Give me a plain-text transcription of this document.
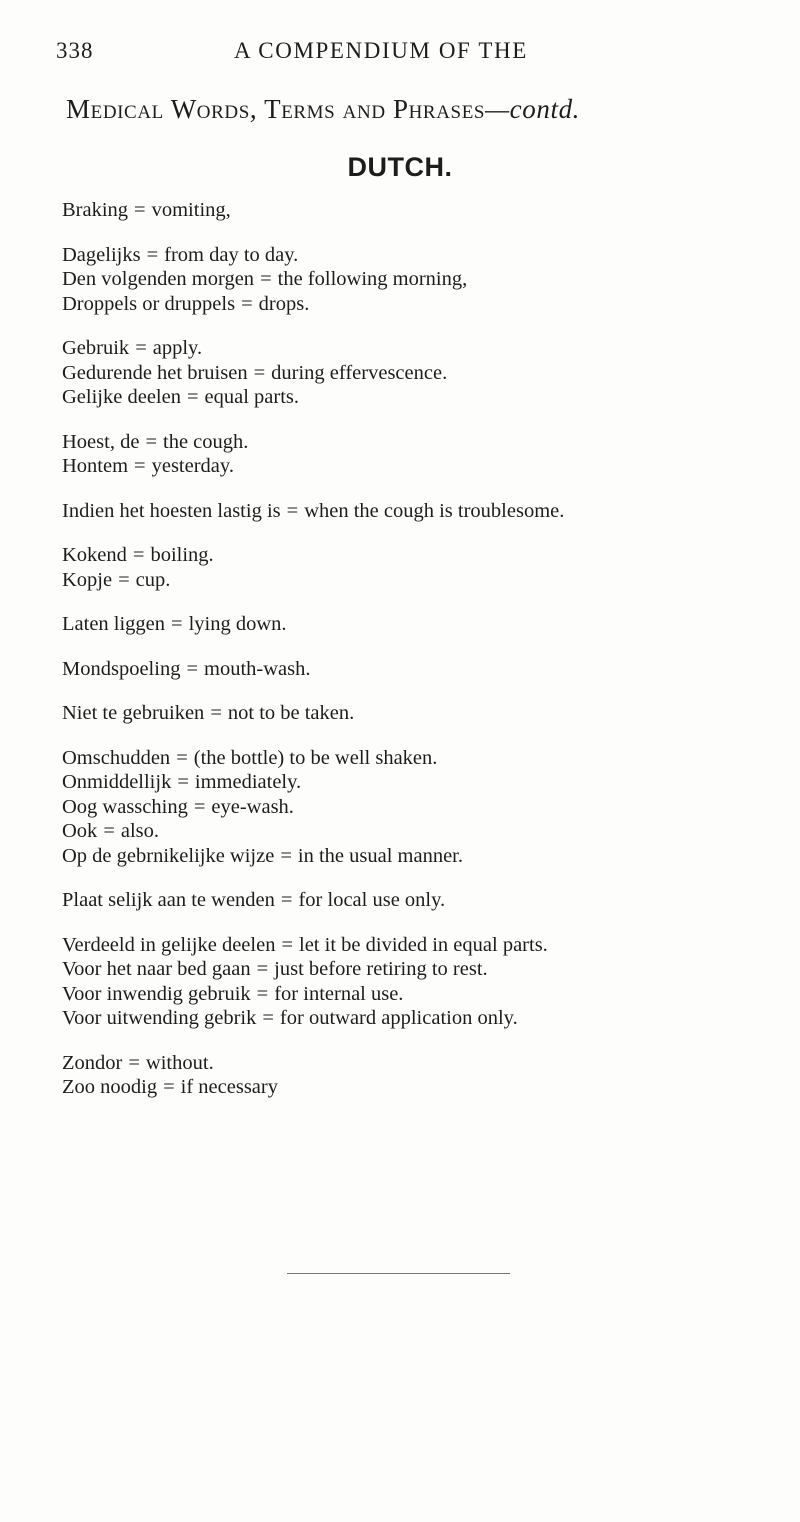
338	A COMPENDIUM OF THE
Medical Words, Terms and Phrases—contd.
DUTCH.
Braking = vomiting,
Dagelijks = from day to day.
Den volgenden morgen = the following morning,
Droppels or druppels = drops.
Gebruik = apply.
Gedurende het bruisen = during effervescence.
Gelijke deelen = equal parts.
Hoest, de = the cough.
Hontem = yesterday.
Indien het hoesten lastig is = when the cough is troublesome.
Kokend = boiling.
Kopje = cup.
Laten liggen = lying down.
Mondspoeling = mouth-wash.
Niet te gebruiken = not to be taken.
Omschudden = (the bottle) to be well shaken.
Onmiddellijk = immediately.
Oog wassching = eye-wash.
Ook = also.
Op de gebrnikelijke wijze = in the usual manner.
Plaat selijk aan te wenden = for local use only.
Verdeeld in gelijke deelen = let it be divided in equal parts.
Voor het naar bed gaan = just before retiring to rest.
Voor inwendig gebruik = for internal use.
Voor uitwending gebrik = for outward application only.
Zondor = without.
Zoo noodig = if necessary
